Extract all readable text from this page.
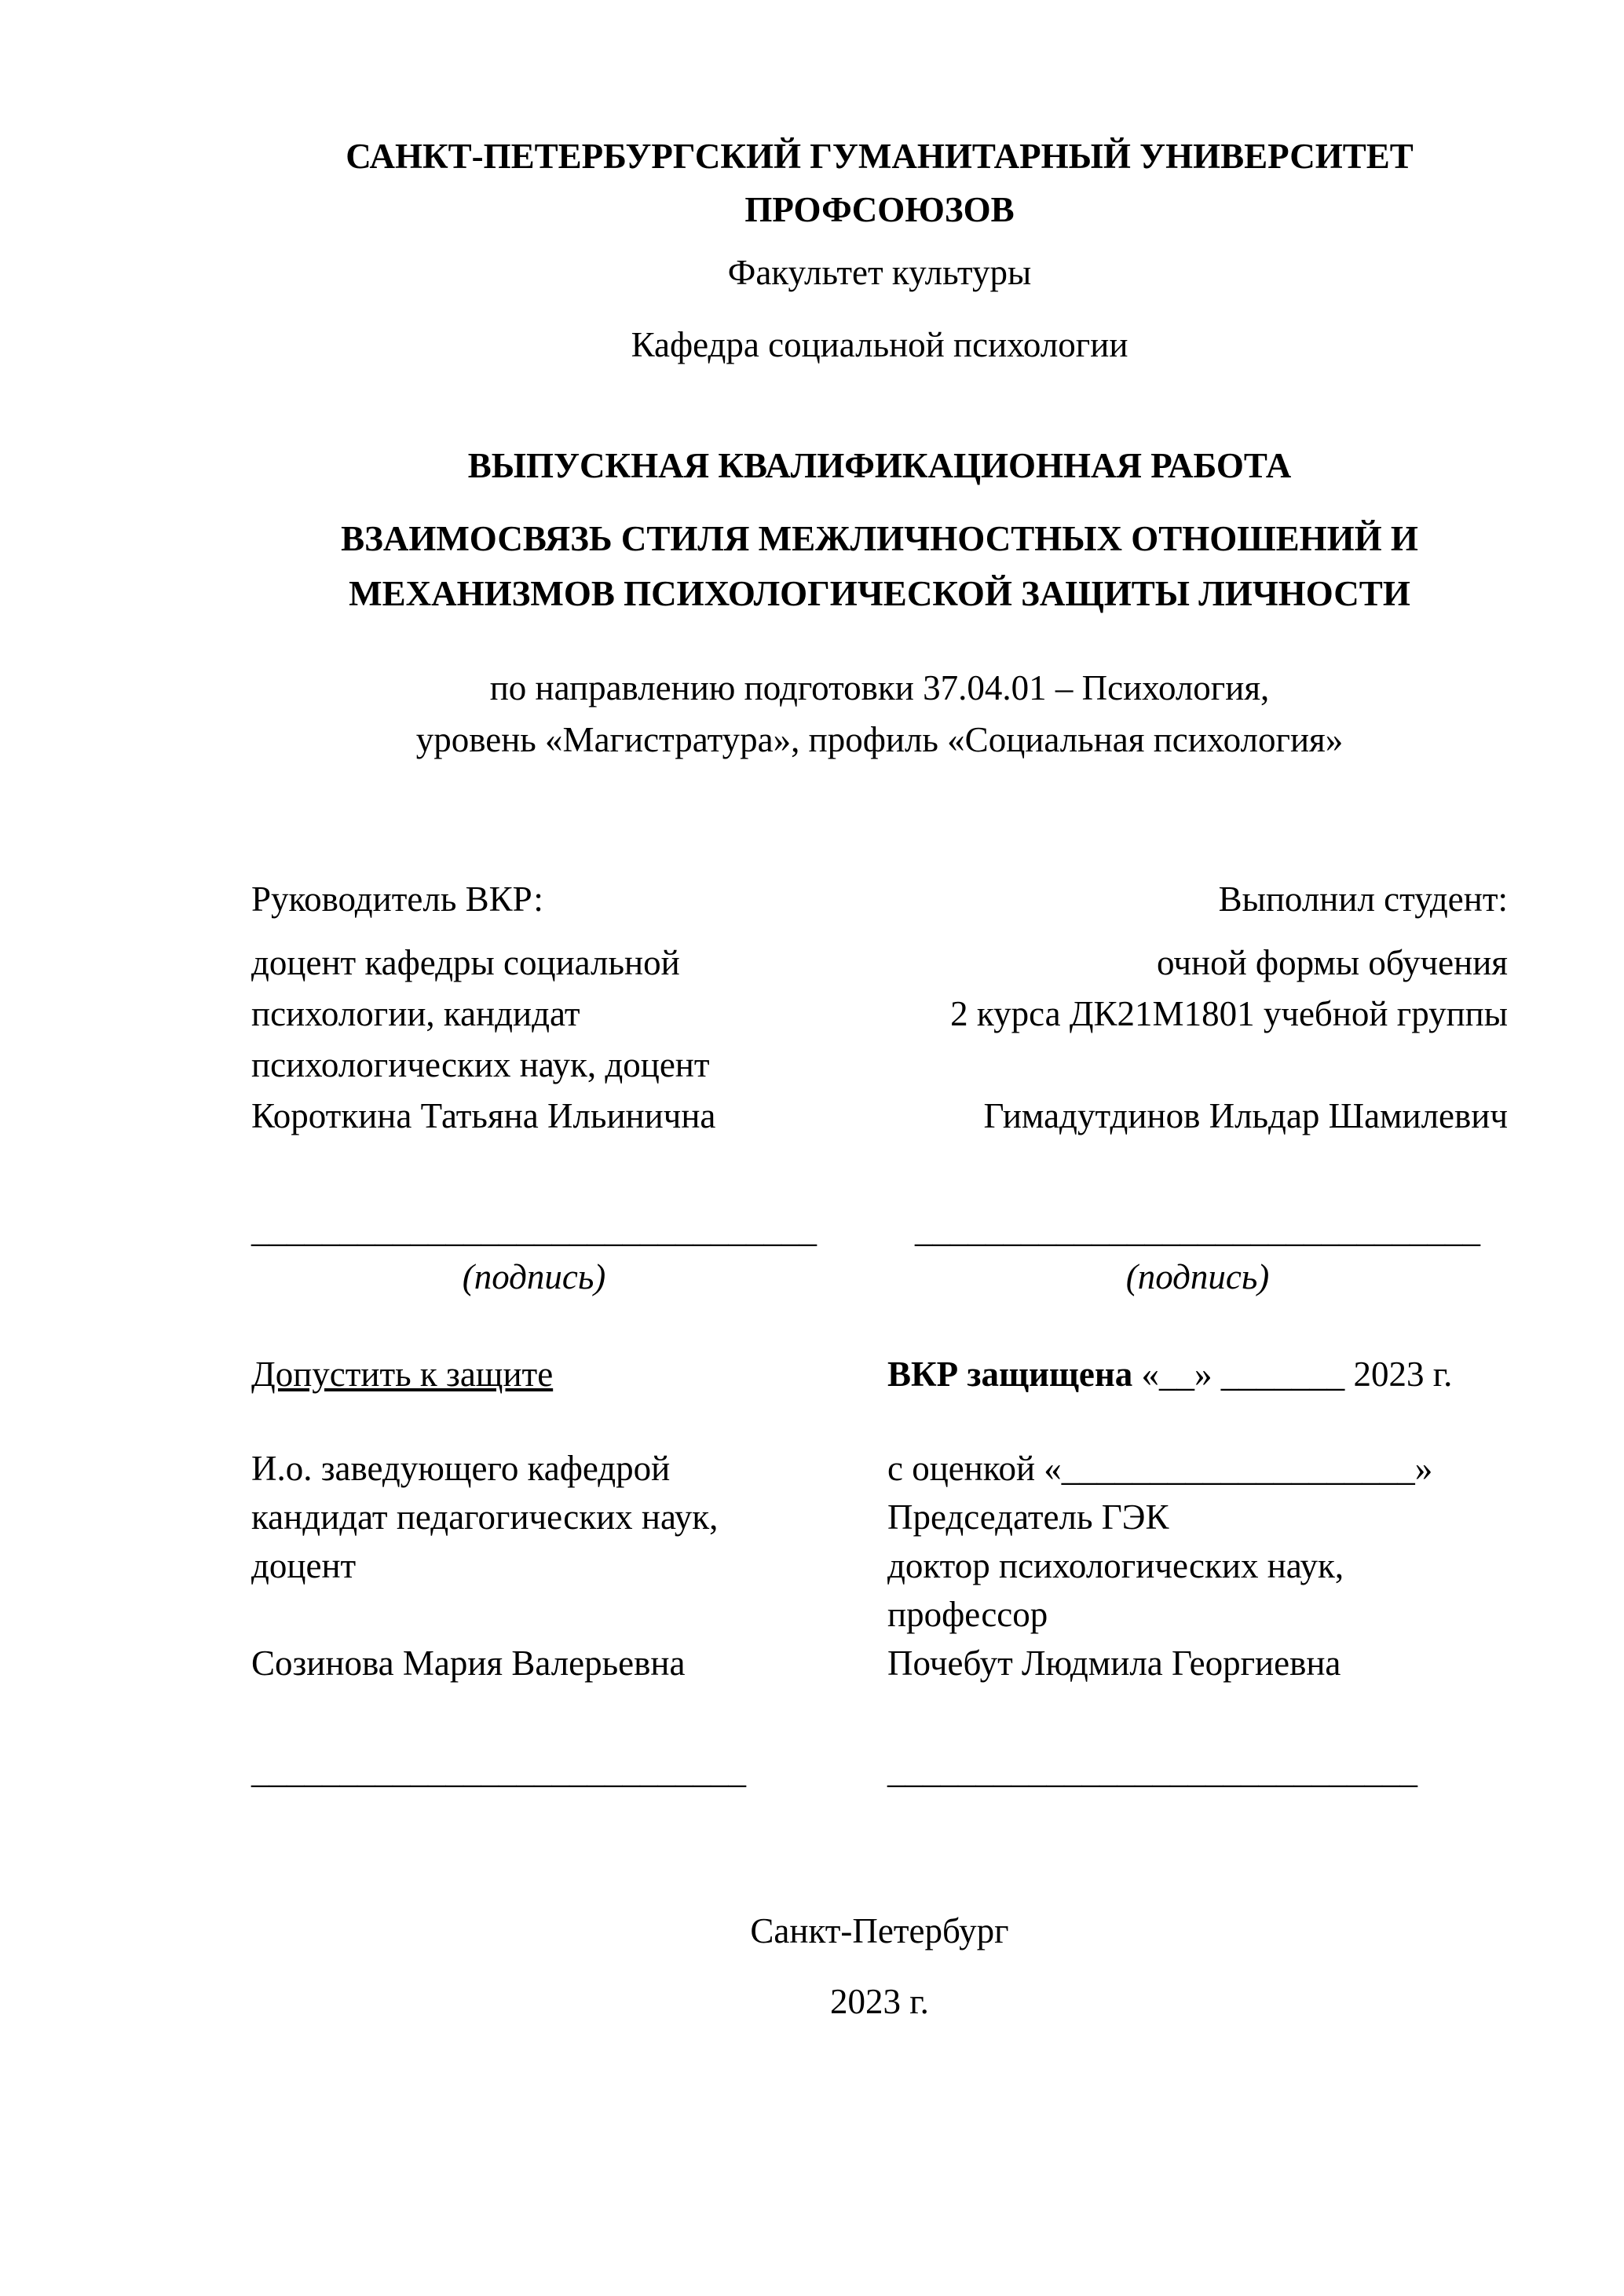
САНКТ-ПЕТЕРБУРГСКИЙ ГУМАНИТАРНЫЙ УНИВЕРСИТЕТ
ПРОФСОЮЗОВ
Факультет культуры
Кафедра социальной психологии
ВЫПУСКНАЯ КВАЛИФИКАЦИОННАЯ РАБОТА
ВЗАИМОСВЯЗЬ СТИЛЯ МЕЖЛИЧНОСТНЫХ ОТНОШЕНИЙ И
МЕХАНИЗМОВ ПСИХОЛОГИЧЕСКОЙ ЗАЩИТЫ ЛИЧНОСТИ
по направлению подготовки 37.04.01 – Психология,
уровень «Магистратура», профиль «Социальная психология»
Руководитель ВКР:
доцент кафедры социальной
психологии, кандидат
психологических наук, доцент
Короткина Татьяна Ильинична
________________________________
(подпись)
Допустить к защите
И.о. заведующего кафедрой
кандидат педагогических наук,
доцент
Созинова Мария Валерьевна
____________________________
Выполнил студент:
очной формы обучения
2 курса ДК21М1801 учебной группы
Гимадутдинов Ильдар Шамилевич
________________________________
(подпись)
ВКР защищена «__» _______ 2023 г.
с оценкой «____________________»
Председатель ГЭК
доктор психологических наук,
профессор
Почебут Людмила Георгиевна
______________________________
Санкт-Петербург
2023 г.
